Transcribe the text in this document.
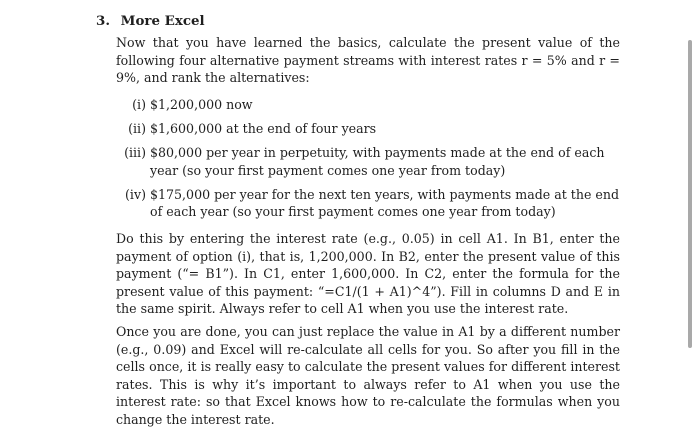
3. More Excel

Now that you have learned the basics, calculate the present value of the following four alternative payment streams with interest rates r = 5% and r = 9%, and rank the alternatives:

(i) $1,200,000 now
(ii) $1,600,000 at the end of four years
(iii) $80,000 per year in perpetuity, with payments made at the end of each year (so your first payment comes one year from today)
(iv) $175,000 per year for the next ten years, with payments made at the end of each year (so your first payment comes one year from today)

Do this by entering the interest rate (e.g., 0.05) in cell A1. In B1, enter the payment of option (i), that is, 1,200,000. In B2, enter the present value of this payment (“= B1”). In C1, enter 1,600,000. In C2, enter the formula for the present value of this payment: “=C1/(1 + A1)^4”). Fill in columns D and E in the same spirit. Always refer to cell A1 when you use the interest rate.

Once you are done, you can just replace the value in A1 by a different number (e.g., 0.09) and Excel will re-calculate all cells for you. So after you fill in the cells once, it is really easy to calculate the present values for different interest rates. This is why it’s important to always refer to A1 when you use the interest rate: so that Excel knows how to re-calculate the formulas when you change the interest rate.
